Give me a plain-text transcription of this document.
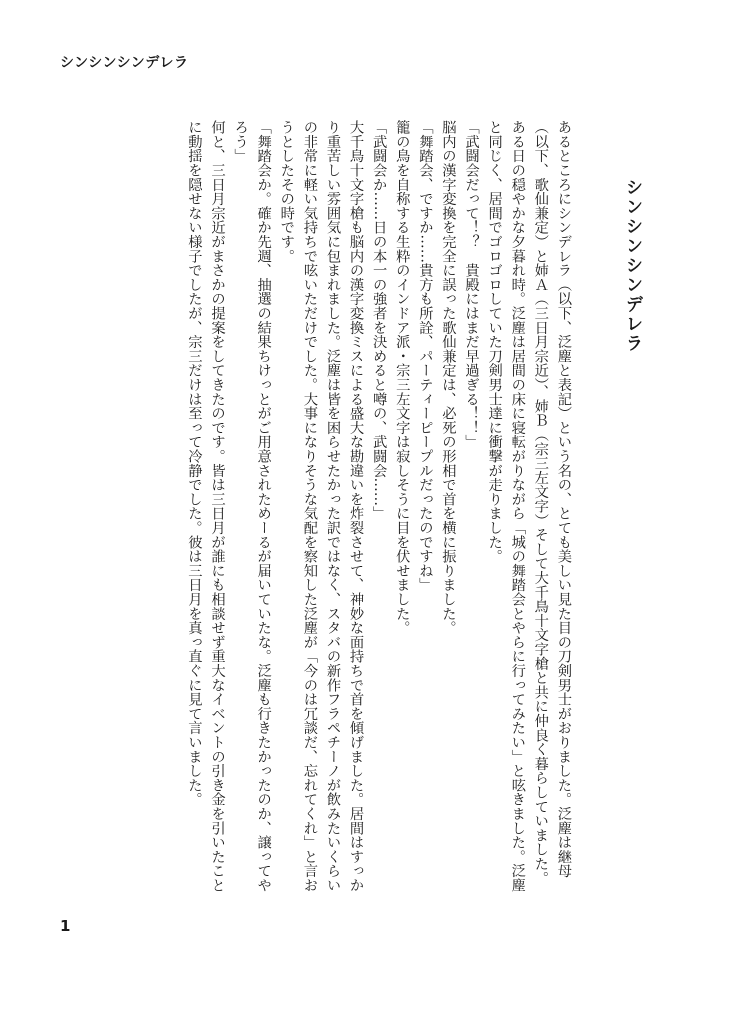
シンシンシンデレラ

シンシンシンデレラ

あるところにシンデレラ（以下、泛塵と表記）という名の、とても美しい見た目の刀剣男士がおりました。泛塵は継母（以下、歌仙兼定）と姉Ａ（三日月宗近）、姉Ｂ（宗三左文字）そして大千鳥十文字槍と共に仲良く暮らしていました。

ある日の穏やかな夕暮れ時。泛塵は居間の床に寝転がりながら「城の舞踏会とやらに行ってみたい」と呟きました。泛塵と同じく、居間でゴロゴロしていた刀剣男士達に衝撃が走りました。

「武闘会だって！？　貴殿にはまだ早過ぎる！！」

脳内の漢字変換を完全に誤った歌仙兼定は、必死の形相で首を横に振りました。

「舞踏会、ですか……貴方も所詮、パーティーピープルだったのですね」

籠の鳥を自称する生粋のインドア派・宗三左文字は寂しそうに目を伏せました。

「武闘会か……日の本一の強者を決めると噂の、武闘会……」

大千鳥十文字槍も脳内の漢字変換ミスによる盛大な勘違いを炸裂させて、神妙な面持ちで首を傾げました。居間はすっかり重苦しい雰囲気に包まれました。泛塵は皆を困らせたかった訳ではなく、スタバの新作フラペチーノが飲みたいくらいの非常に軽い気持ちで呟いただけでした。大事になりそうな気配を察知した泛塵が「今のは冗談だ、忘れてくれ」と言おうとしたその時です。

「舞踏会か。確か先週、抽選の結果ちけっとがご用意されためーるが届いていたな。泛塵も行きたかったのか、譲ってやろう」

何と、三日月宗近がまさかの提案をしてきたのです。皆は三日月が誰にも相談せず重大なイベントの引き金を引いたことに動揺を隠せない様子でしたが、宗三だけは至って冷静でした。彼は三日月を真っ直ぐに見て言いました。

1
